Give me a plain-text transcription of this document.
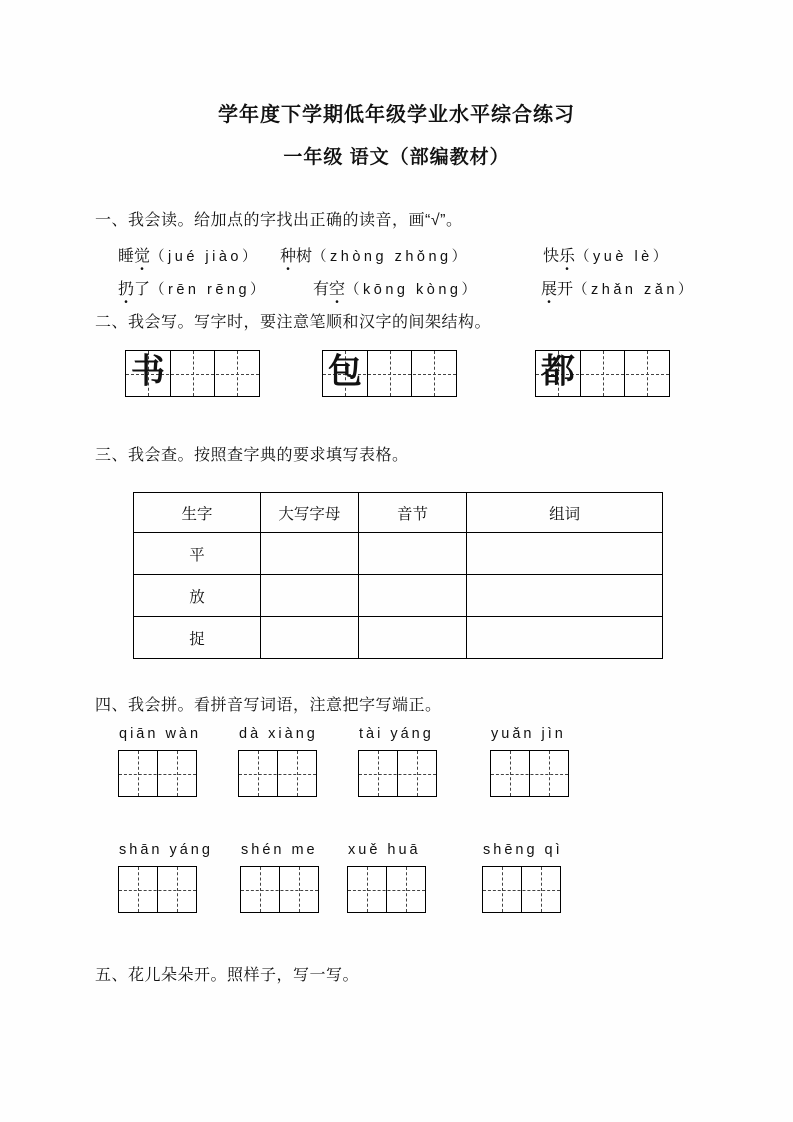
学年度下学期低年级学业水平综合练习
一年级 语文（部编教材）
一、我会读。给加点的字找出正确的读音，画“√”。
睡觉（jué jiào）	种树（zhòng zhǒng）	快乐（yuè lè）
扔了（rēn rēng）	有空（kōng kòng）	展开（zhǎn zǎn）
二、我会写。写字时，要注意笔顺和汉字的间架结构。
书	包	都
三、我会查。按照查字典的要求填写表格。
生字	大写字母	音节	组词
平			
放			
捉			
四、我会拼。看拼音写词语，注意把字写端正。
qiān wàn	dà xiàng	tài yáng	yuǎn jìn
shān yáng	shén me	xuě huā	shēng qì
五、花儿朵朵开。照样子，写一写。
